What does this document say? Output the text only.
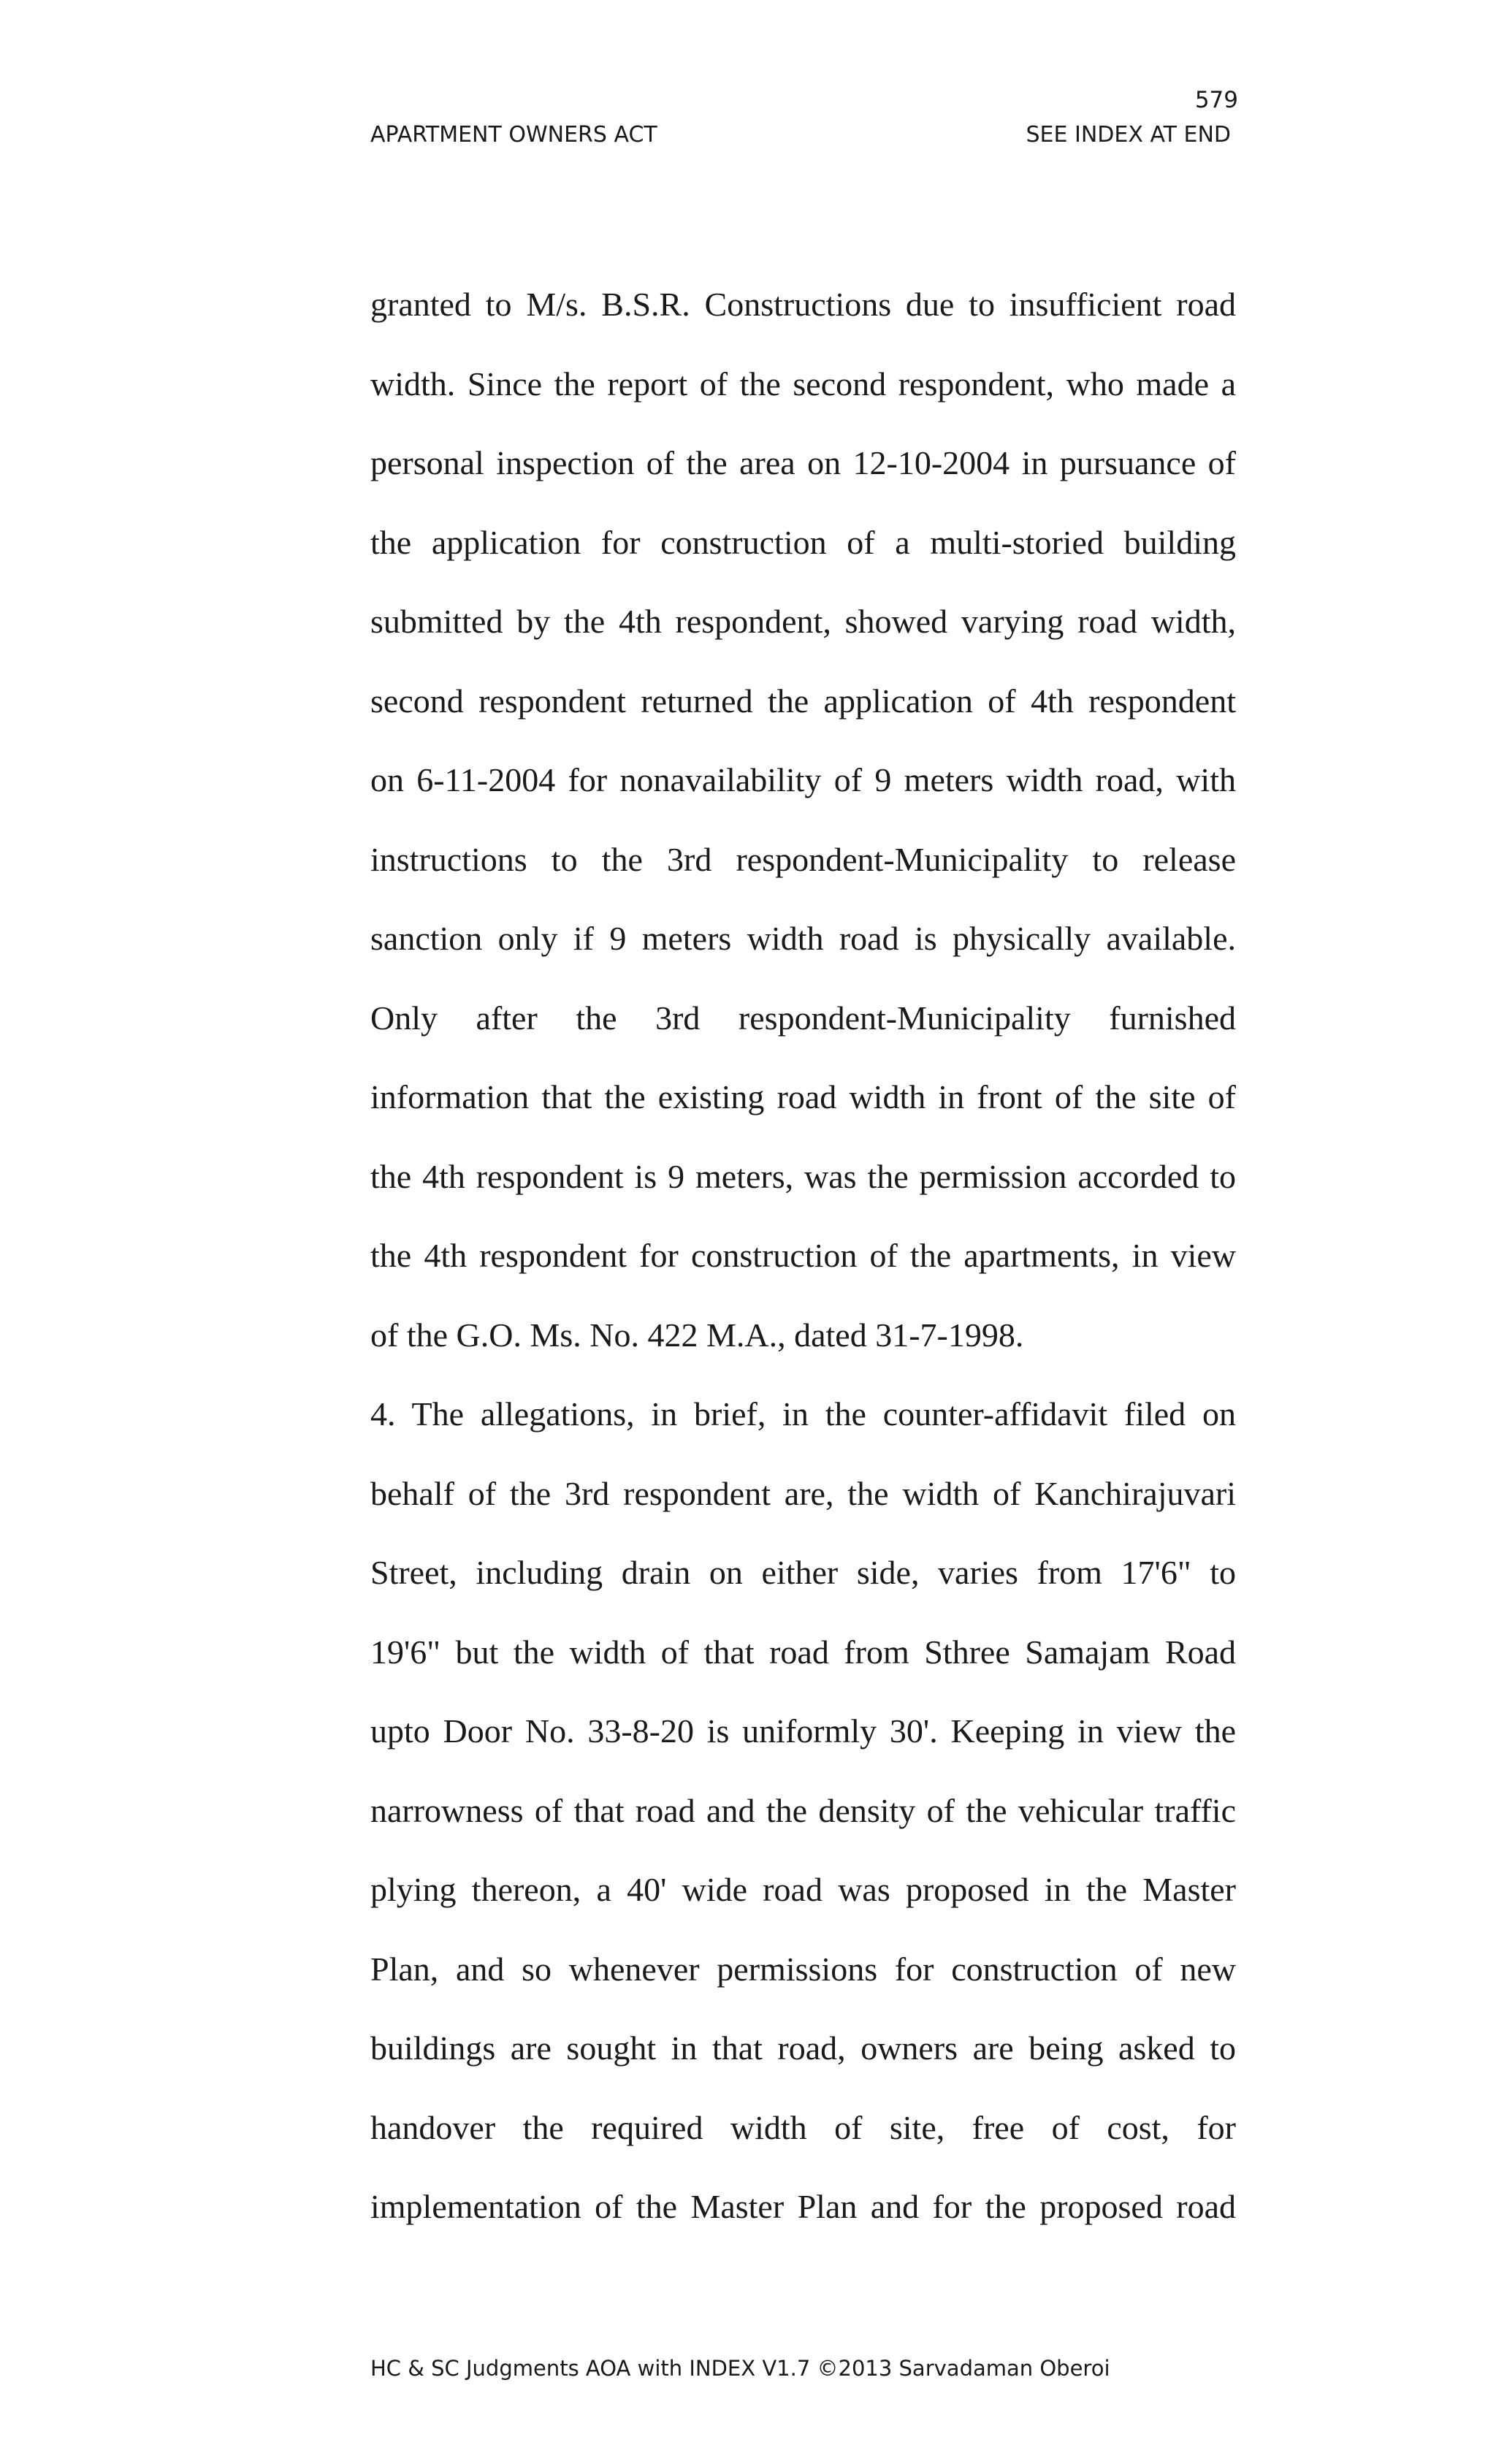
579
APARTMENT OWNERS ACT	SEE INDEX AT END
granted to M/s. B.S.R. Constructions due to insufficient road
width. Since the report of the second respondent, who made a
personal inspection of the area on 12-10-2004 in pursuance of
the application for construction of a multi-storied building
submitted by the 4th respondent, showed varying road width,
second respondent returned the application of 4th respondent
on 6-11-2004 for nonavailability of 9 meters width road, with
instructions to the 3rd respondent-Municipality to release
sanction only if 9 meters width road is physically available.
Only after the 3rd respondent-Municipality furnished
information that the existing road width in front of the site of
the 4th respondent is 9 meters, was the permission accorded to
the 4th respondent for construction of the apartments, in view
of the G.O. Ms. No. 422 M.A., dated 31-7-1998.
4. The allegations, in brief, in the counter-affidavit filed on
behalf of the 3rd respondent are, the width of Kanchirajuvari
Street, including drain on either side, varies from 17'6" to
19'6" but the width of that road from Sthree Samajam Road
upto Door No. 33-8-20 is uniformly 30'. Keeping in view the
narrowness of that road and the density of the vehicular traffic
plying thereon, a 40' wide road was proposed in the Master
Plan, and so whenever permissions for construction of new
buildings are sought in that road, owners are being asked to
handover the required width of site, free of cost, for
implementation of the Master Plan and for the proposed road
HC & SC Judgments AOA with INDEX V1.7 ©2013 Sarvadaman Oberoi
